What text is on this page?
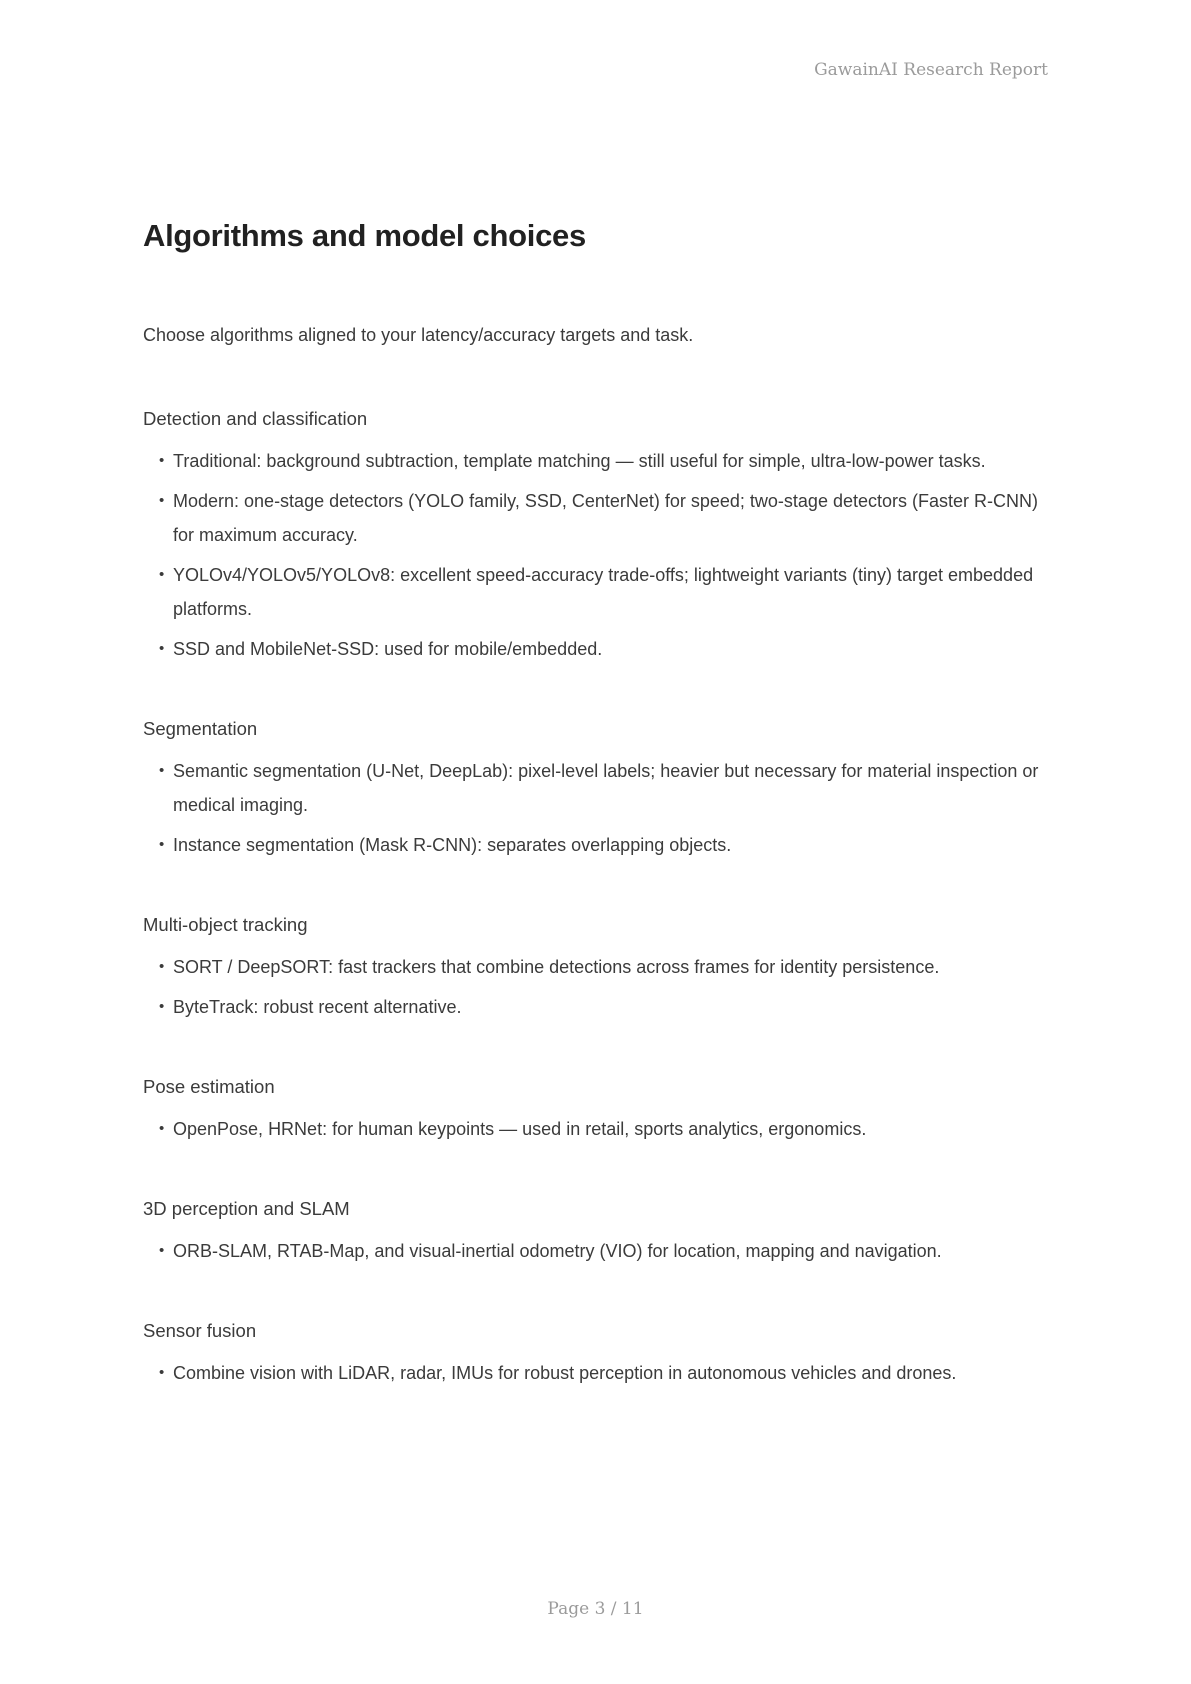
GawainAI Research Report
Algorithms and model choices

Choose algorithms aligned to your latency/accuracy targets and task.

Detection and classification
• Traditional: background subtraction, template matching — still useful for simple, ultra-low-power tasks.
• Modern: one-stage detectors (YOLO family, SSD, CenterNet) for speed; two-stage detectors (Faster R-CNN) for maximum accuracy.
• YOLOv4/YOLOv5/YOLOv8: excellent speed-accuracy trade-offs; lightweight variants (tiny) target embedded platforms.
• SSD and MobileNet-SSD: used for mobile/embedded.
Segmentation
• Semantic segmentation (U-Net, DeepLab): pixel-level labels; heavier but necessary for material inspection or medical imaging.
• Instance segmentation (Mask R-CNN): separates overlapping objects.
Multi-object tracking
• SORT / DeepSORT: fast trackers that combine detections across frames for identity persistence.
• ByteTrack: robust recent alternative.
Pose estimation
• OpenPose, HRNet: for human keypoints — used in retail, sports analytics, ergonomics.
3D perception and SLAM
• ORB-SLAM, RTAB-Map, and visual-inertial odometry (VIO) for location, mapping and navigation.
Sensor fusion
• Combine vision with LiDAR, radar, IMUs for robust perception in autonomous vehicles and drones.
Page 3 / 11
